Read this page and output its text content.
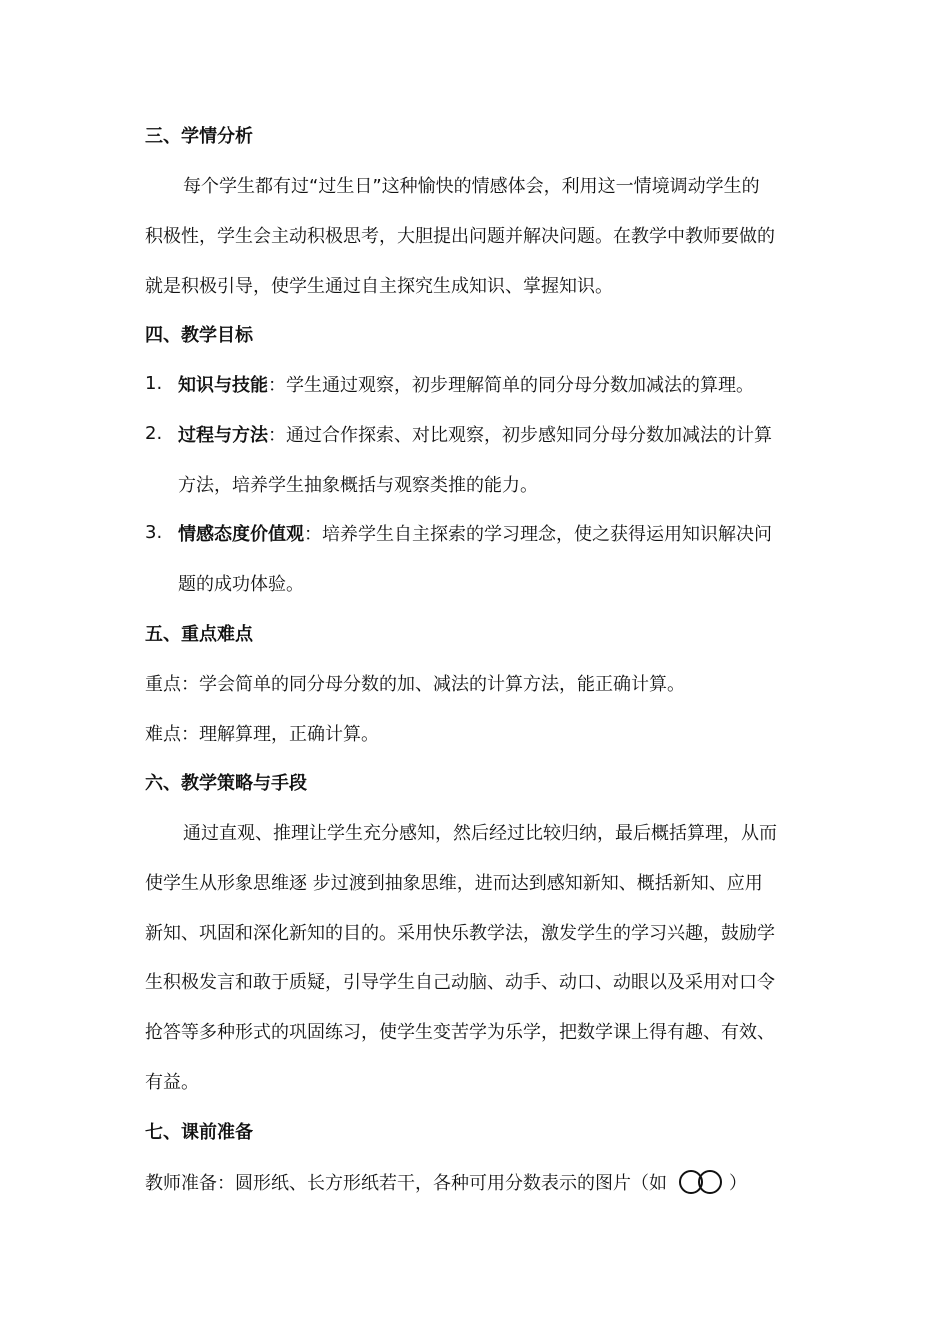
三、学情分析
每个学生都有过“过生日”这种愉快的情感体会，利用这一情境调动学生的
积极性，学生会主动积极思考，大胆提出问题并解决问题。在教学中教师要做的
就是积极引导，使学生通过自主探究生成知识、掌握知识。
四、教学目标
1. 知识与技能：学生通过观察，初步理解简单的同分母分数加减法的算理。
2. 过程与方法：通过合作探索、对比观察，初步感知同分母分数加减法的计算
方法，培养学生抽象概括与观察类推的能力。
3. 情感态度价值观：培养学生自主探索的学习理念，使之获得运用知识解决问
题的成功体验。
五、重点难点
重点：学会简单的同分母分数的加、减法的计算方法，能正确计算。
难点：理解算理，正确计算。
六、教学策略与手段
通过直观、推理让学生充分感知，然后经过比较归纳，最后概括算理，从而
使学生从形象思维逐 步过渡到抽象思维，进而达到感知新知、概括新知、应用
新知、巩固和深化新知的目的。采用快乐教学法，激发学生的学习兴趣，鼓励学
生积极发言和敢于质疑，引导学生自己动脑、动手、动口、动眼以及采用对口令
抢答等多种形式的巩固练习，使学生变苦学为乐学，把数学课上得有趣、有效、
有益。
七、课前准备
教师准备：圆形纸、长方形纸若干，各种可用分数表示的图片（如	）
